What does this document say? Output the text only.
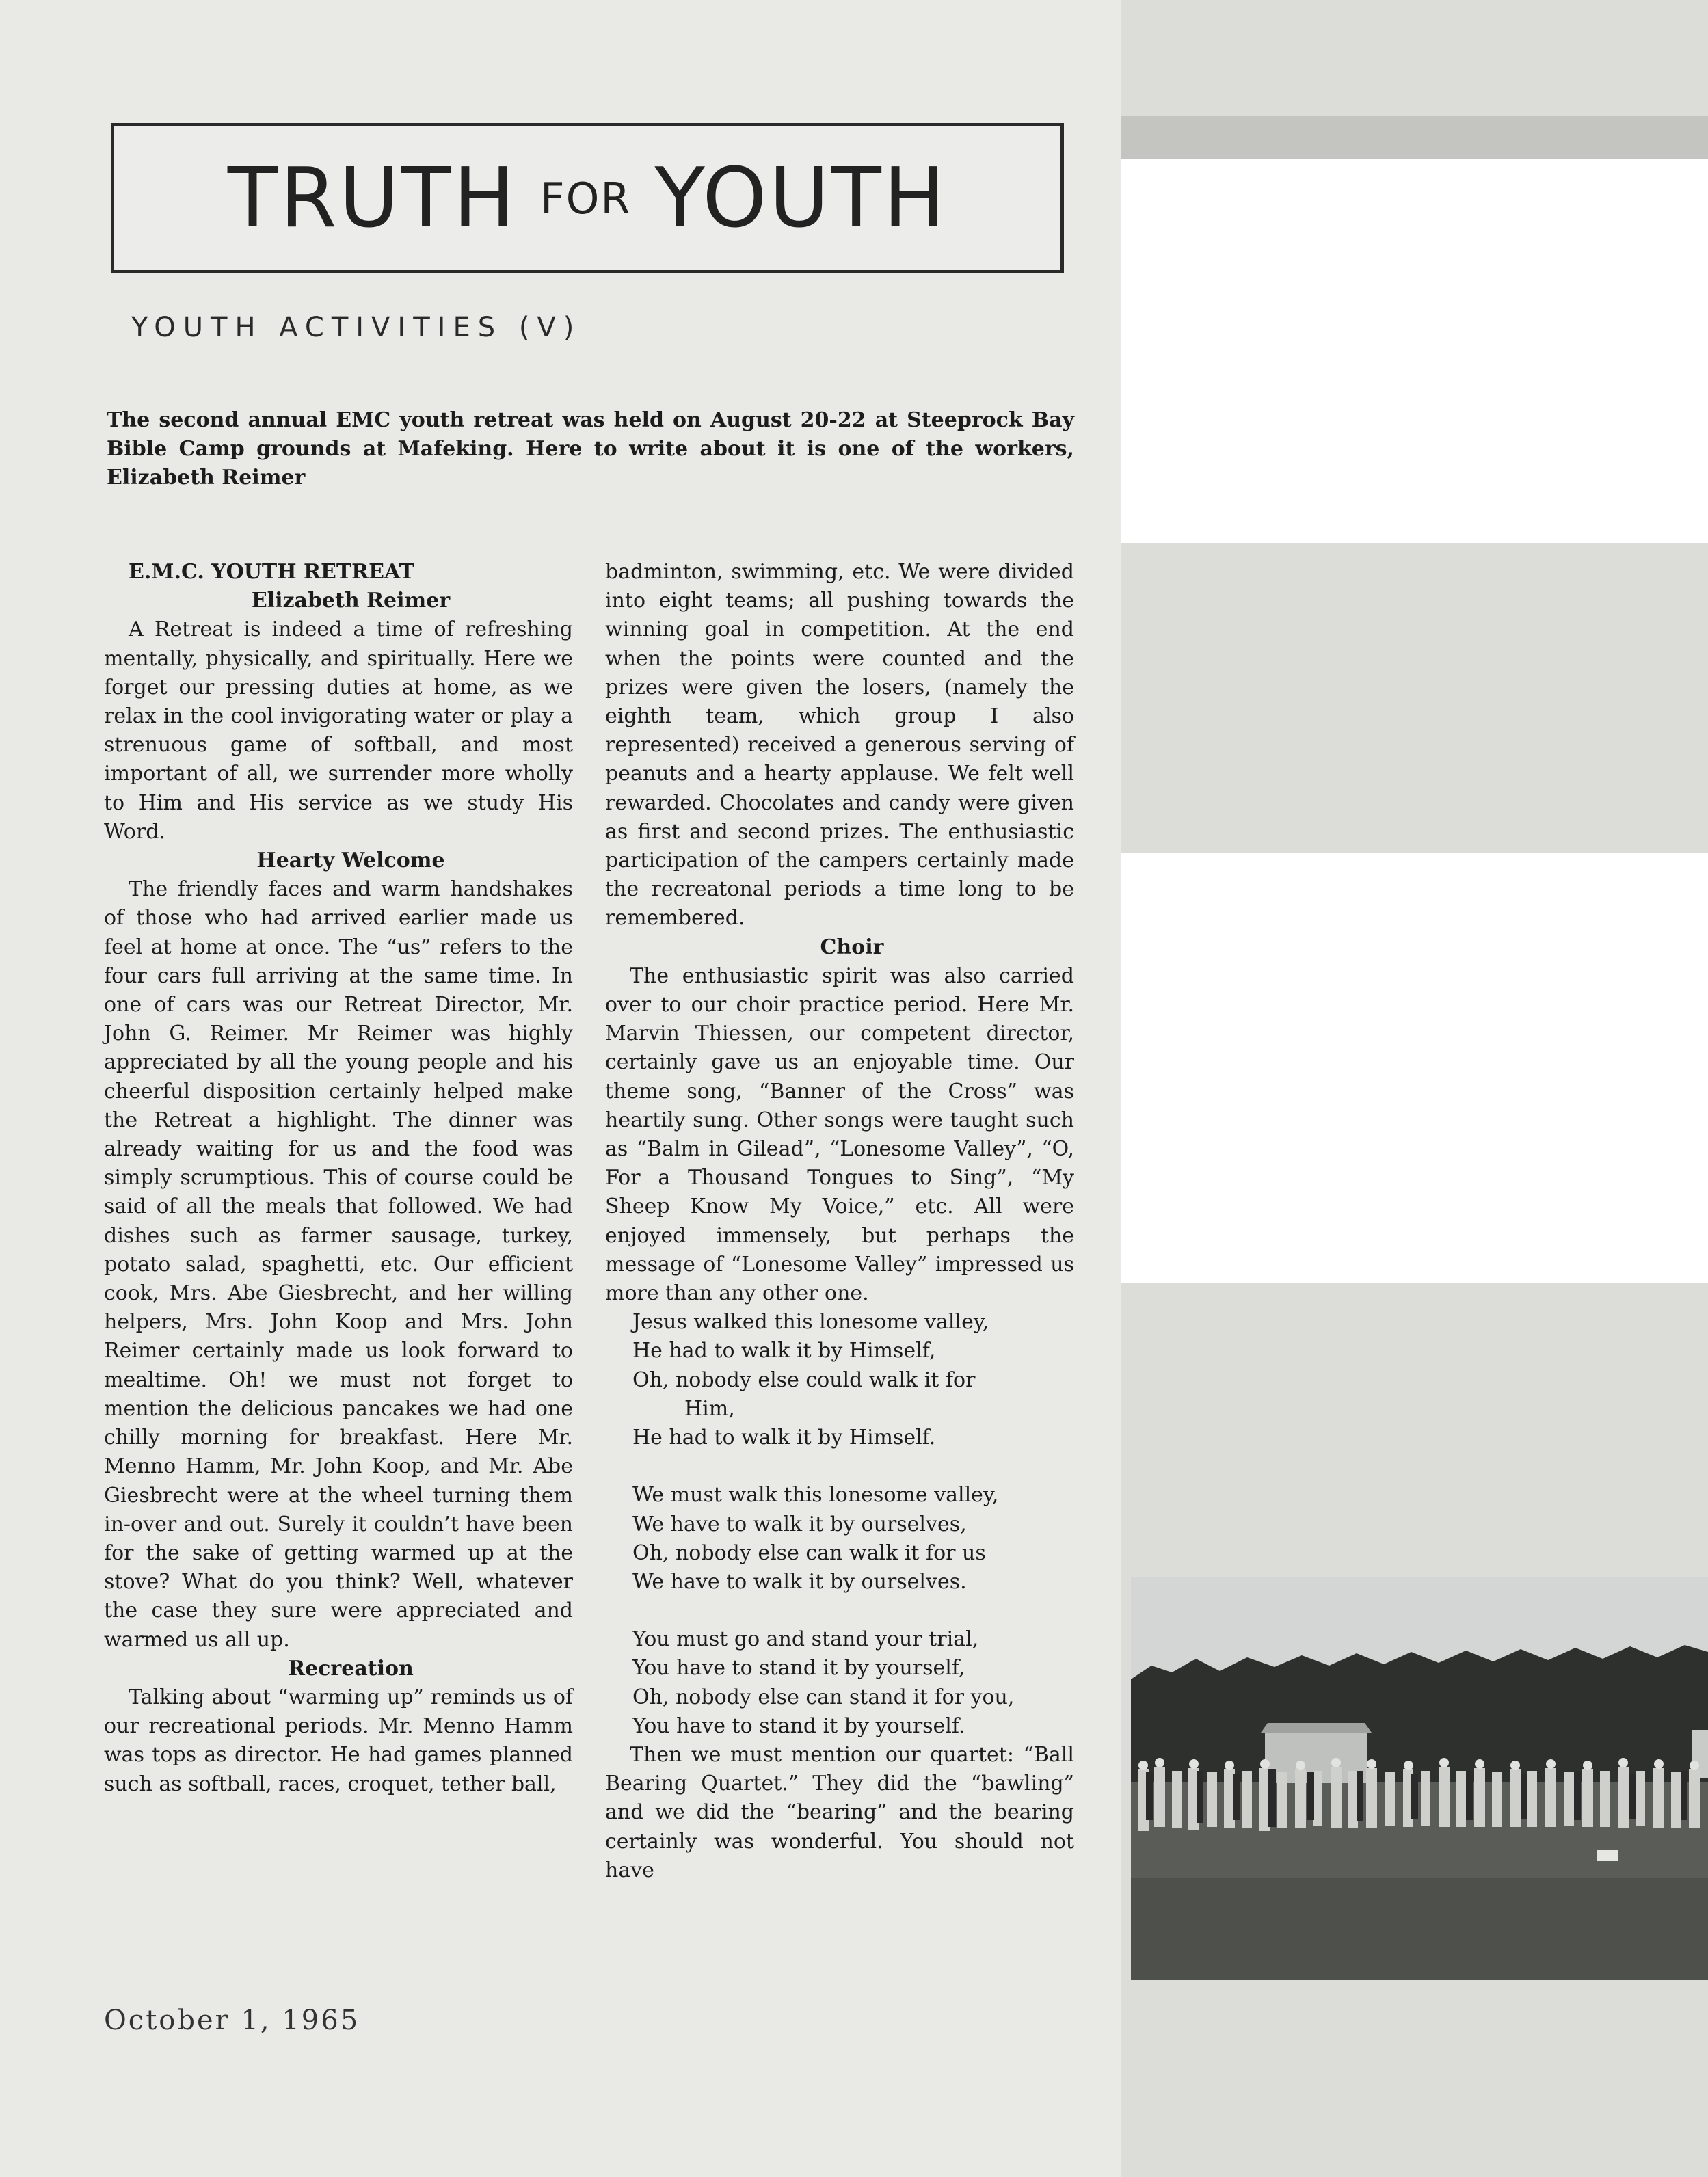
TRUTH FOR YOUTH
YOUTH ACTIVITIES (V)
The second annual EMC youth retreat was held on August 20-22 at Steeprock Bay Bible Camp grounds at Mafeking. Here to write about it is one of the workers, Elizabeth Reimer

E.M.C. YOUTH RETREAT

Elizabeth Reimer

A Retreat is indeed a time of refreshing mentally, physically, and spiritually. Here we forget our pressing duties at home, as we relax in the cool invigorating water or play a strenuous game of softball, and most important of all, we surrender more wholly to Him and His service as we study His Word.

Hearty Welcome

The friendly faces and warm handshakes of those who had arrived earlier made us feel at home at once. The “us” refers to the four cars full arriving at the same time. In one of cars was our Retreat Director, Mr. John G. Reimer. Mr Reimer was highly appreciated by all the young people and his cheerful disposition certainly helped make the Retreat a highlight. The dinner was already waiting for us and the food was simply scrumptious. This of course could be said of all the meals that followed. We had dishes such as farmer sausage, turkey, potato salad, spaghetti, etc. Our efficient cook, Mrs. Abe Giesbrecht, and her willing helpers, Mrs. John Koop and Mrs. John Reimer certainly made us look forward to mealtime. Oh! we must not forget to mention the delicious pancakes we had one chilly morning for breakfast. Here Mr. Menno Hamm, Mr. John Koop, and Mr. Abe Giesbrecht were at the wheel turning them in-over and out. Surely it couldn’t have been for the sake of getting warmed up at the stove? What do you think? Well, whatever the case they sure were appreciated and warmed us all up.

Recreation

Talking about “warming up” reminds us of our recreational periods. Mr. Menno Hamm was tops as director. He had games planned such as softball, races, croquet, tether ball,

badminton, swimming, etc. We were divided into eight teams; all pushing towards the winning goal in competition. At the end when the points were counted and the prizes were given the losers, (namely the eighth team, which group I also represented) received a generous serving of peanuts and a hearty applause. We felt well rewarded. Chocolates and candy were given as first and second prizes. The enthusiastic participation of the campers certainly made the recreatonal periods a time long to be remembered.

Choir

The enthusiastic spirit was also carried over to our choir practice period. Here Mr. Marvin Thiessen, our competent director, certainly gave us an enjoyable time. Our theme song, “Banner of the Cross” was heartily sung. Other songs were taught such as “Balm in Gilead”, “Lonesome Valley”, “O, For a Thousand Tongues to Sing”, “My Sheep Know My Voice,” etc. All were enjoyed immensely, but perhaps the message of “Lonesome Valley” impressed us more than any other one.

Jesus walked this lonesome valley,
He had to walk it by Himself,
Oh, nobody else could walk it for
Him,
He had to walk it by Himself.
We must walk this lonesome valley,
We have to walk it by ourselves,
Oh, nobody else can walk it for us
We have to walk it by ourselves.
You must go and stand your trial,
You have to stand it by yourself,
Oh, nobody else can stand it for you,
You have to stand it by yourself.

Then we must mention our quartet: “Ball Bearing Quartet.” They did the “bawling” and we did the “bearing” and the bearing certainly was wonderful. You should not have

October 1, 1965
